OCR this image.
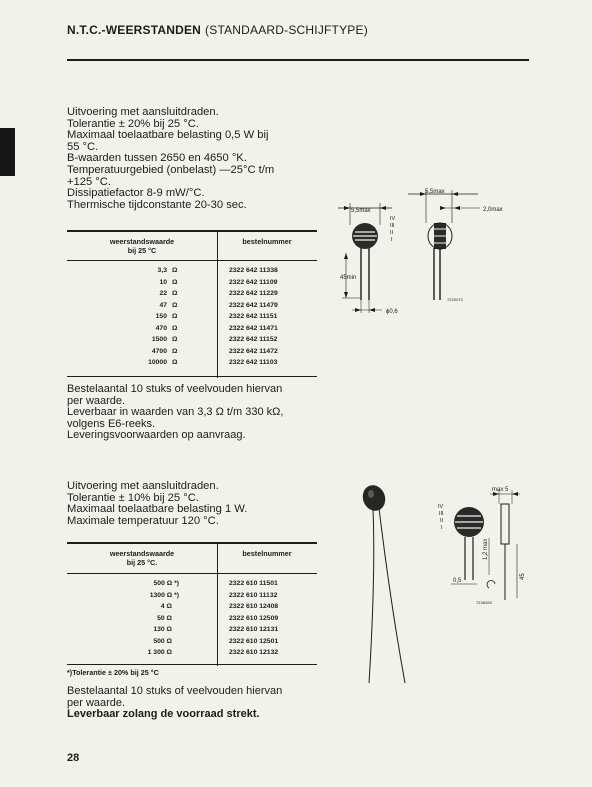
N.T.C.-WEERSTANDEN (STANDAARD-SCHIJFTYPE)
Uitvoering met aansluitdraden.
Tolerantie ± 20% bij 25 °C.
Maximaal toelaatbare belasting 0,5 W bij
55 °C.
B-waarden tussen 2650 en 4650 °K.
Temperatuurgebied (onbelast) —25°C t/m
+125 °C.
Dissipatiefactor 8-9 mW/°C.
Thermische tijdconstante 20-30 sec.
weerstandswaarde
bij 25 °C
bestelnummer
3,3 Ω	2322 642 11338
10 Ω	2322 642 11109
22 Ω	2322 642 11229
47 Ω	2322 642 11479
150 Ω	2322 642 11151
470 Ω	2322 642 11471
1500 Ω	2322 642 11152
4700 Ω	2322 642 11472
10000 Ω	2322 642 11103
Bestelaantal 10 stuks of veelvouden hiervan
per waarde.
Leverbaar in waarden van 3,3 Ω t/m 330 kΩ,
volgens E6-reeks.
Leveringsvoorwaarden op aanvraag.
5,5max
45min
ϕ0,6
IV
III
II
I
5,5max
2,0max
7Z20070
Uitvoering met aansluitdraden.
Tolerantie ± 10% bij 25 °C.
Maximaal toelaatbare belasting 1 W.
Maximale temperatuur 120 °C.
weerstandswaarde
bij 25 °C.
bestelnummer
500 Ω *)	2322 610 11501
1300 Ω *)	2322 610 11132
4 Ω	2322 610 12408
50 Ω	2322 610 12509
130 Ω	2322 610 12131
500 Ω	2322 610 12501
1 300 Ω	2322 610 12132
*)Tolerantie ± 20% bij 25 °C
Bestelaantal 10 stuks of veelvouden hiervan
per waarde.
Leverbaar zolang de voorraad strekt.
max 5
IV
III
II
I
45
1,2 max
0,5
7Z48453
28
